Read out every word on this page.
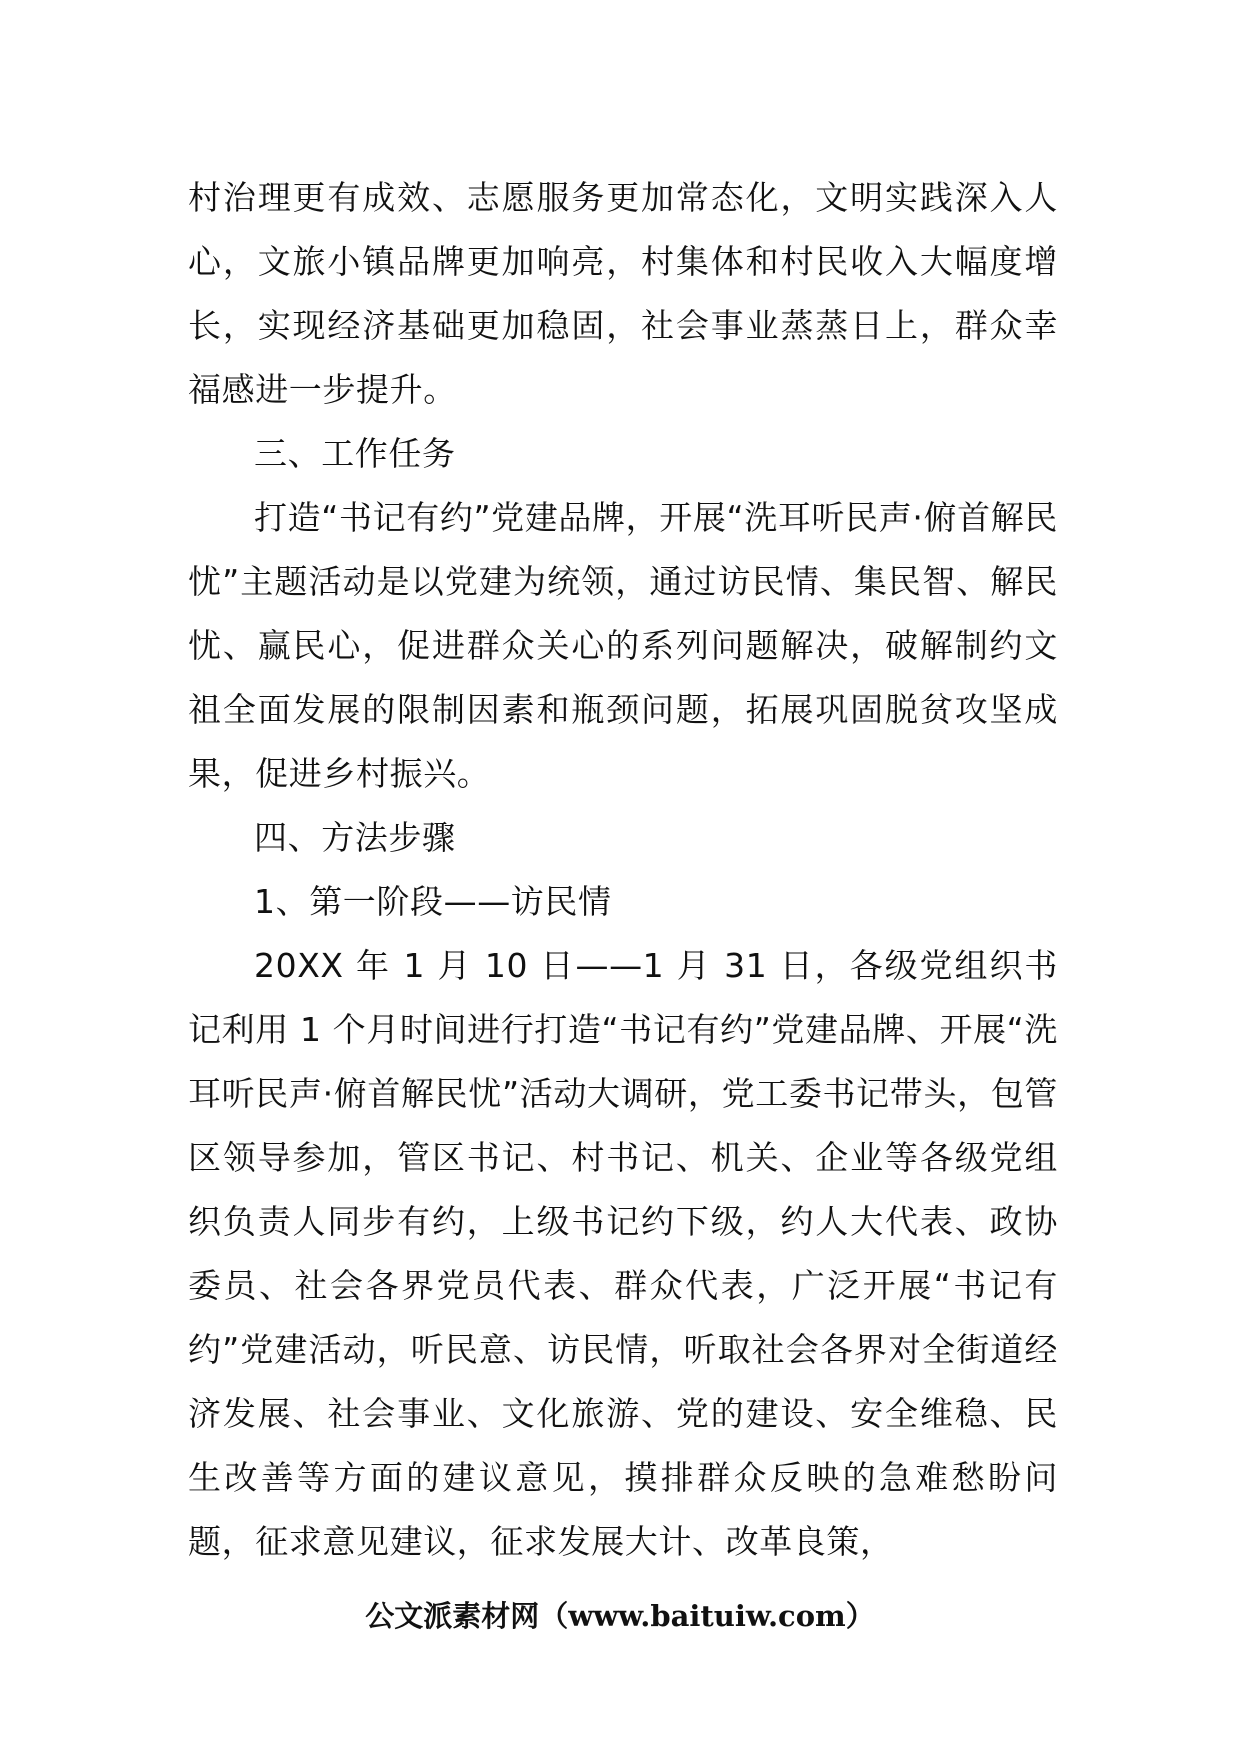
村治理更有成效、志愿服务更加常态化，文明实践深入人心，文旅小镇品牌更加响亮，村集体和村民收入大幅度增长，实现经济基础更加稳固，社会事业蒸蒸日上，群众幸福感进一步提升。

三、工作任务

打造“书记有约”党建品牌，开展“洗耳听民声·俯首解民忧”主题活动是以党建为统领，通过访民情、集民智、解民忧、赢民心，促进群众关心的系列问题解决，破解制约文祖全面发展的限制因素和瓶颈问题，拓展巩固脱贫攻坚成果，促进乡村振兴。

四、方法步骤

1、第一阶段——访民情

20XX 年 1 月 10 日——1 月 31 日，各级党组织书记利用 1 个月时间进行打造“书记有约”党建品牌、开展“洗耳听民声·俯首解民忧”活动大调研，党工委书记带头，包管区领导参加，管区书记、村书记、机关、企业等各级党组织负责人同步有约，上级书记约下级，约人大代表、政协委员、社会各界党员代表、群众代表，广泛开展“书记有约”党建活动，听民意、访民情，听取社会各界对全街道经济发展、社会事业、文化旅游、党的建设、安全维稳、民生改善等方面的建议意见，摸排群众反映的急难愁盼问题，征求意见建议，征求发展大计、改革良策，

公文派素材网（www.baituiw.com）
